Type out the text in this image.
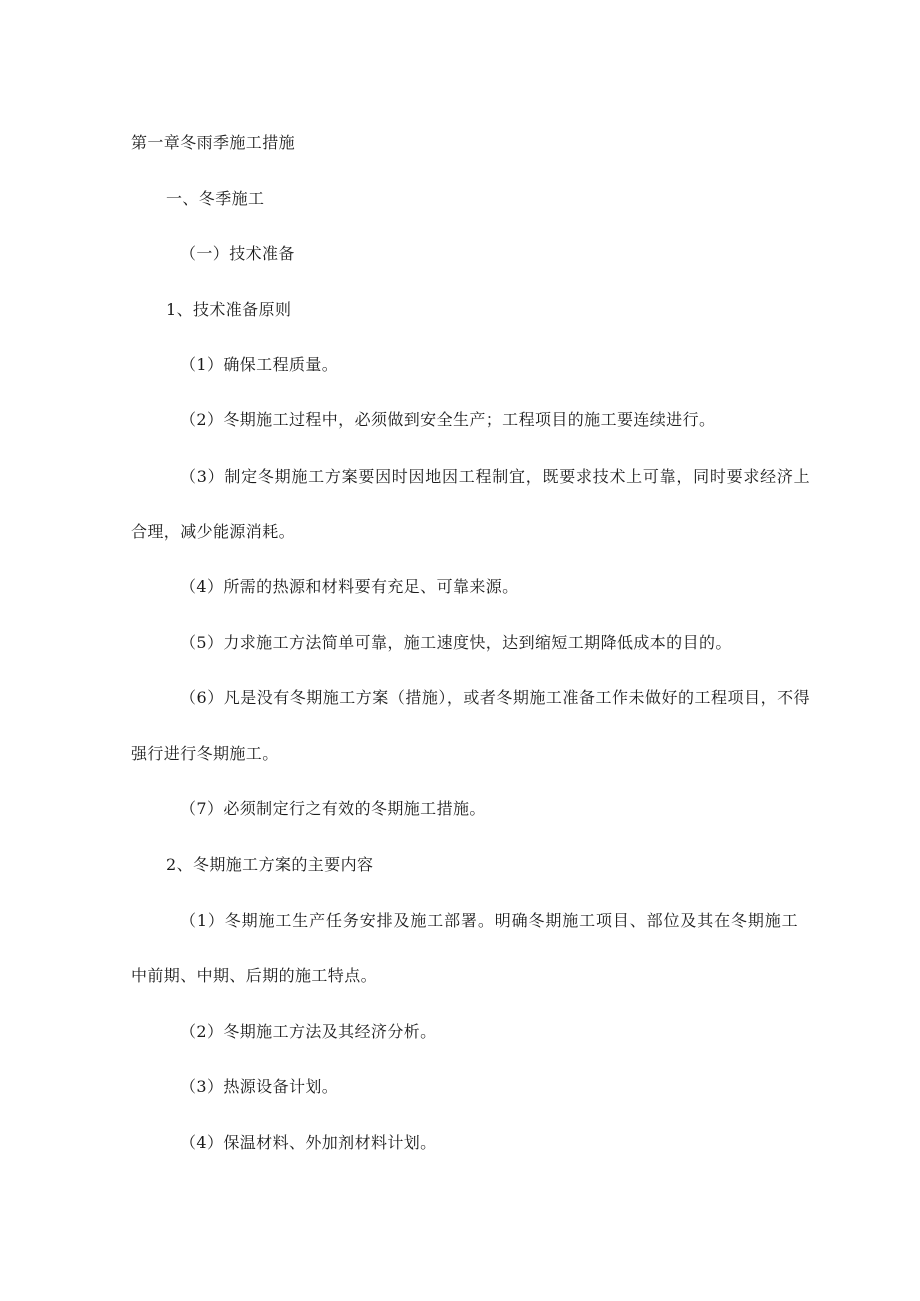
第一章冬雨季施工措施
一、冬季施工
（一）技术准备
1、技术准备原则
（1）确保工程质量。
（2）冬期施工过程中，必须做到安全生产；工程项目的施工要连续进行。
（3）制定冬期施工方案要因时因地因工程制宜，既要求技术上可靠，同时要求经济上
合理，减少能源消耗。
（4）所需的热源和材料要有充足、可靠来源。
（5）力求施工方法简单可靠，施工速度快，达到缩短工期降低成本的目的。
（6）凡是没有冬期施工方案（措施），或者冬期施工准备工作未做好的工程项目，不得
强行进行冬期施工。
（7）必须制定行之有效的冬期施工措施。
2、冬期施工方案的主要内容
（1）冬期施工生产任务安排及施工部署。明确冬期施工项目、部位及其在冬期施工
中前期、中期、后期的施工特点。
（2）冬期施工方法及其经济分析。
（3）热源设备计划。
（4）保温材料、外加剂材料计划。
